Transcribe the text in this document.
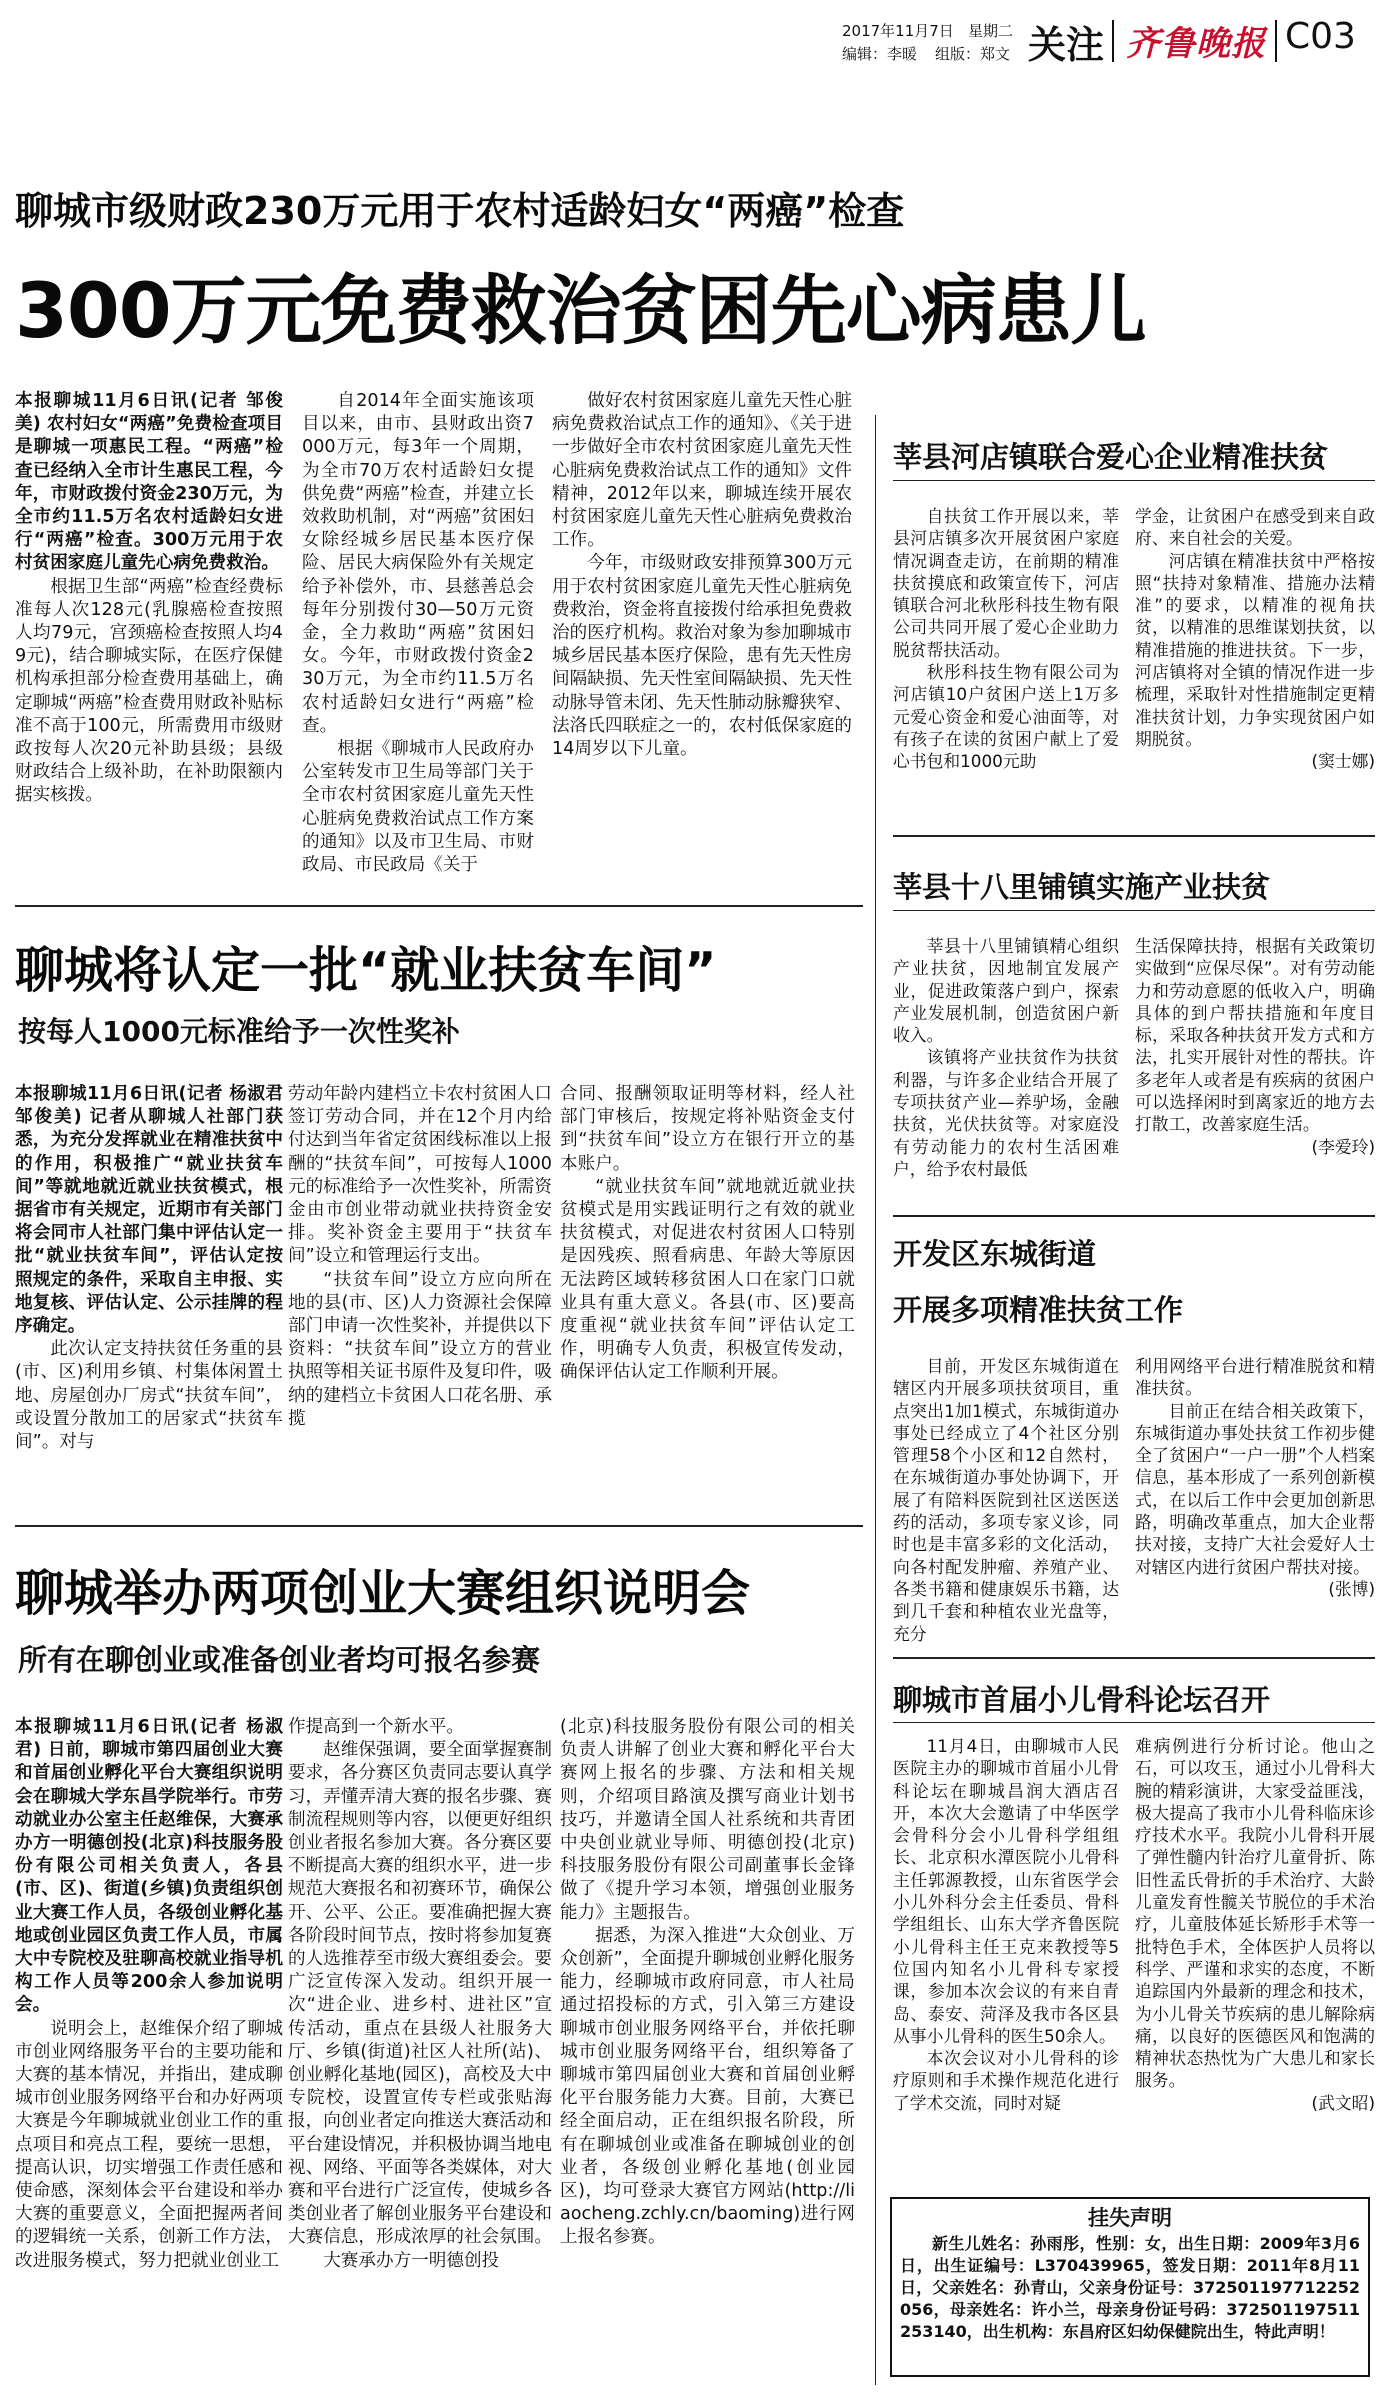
2017年11月7日 星期二
编辑：李暖 组版：郑文 关注 齐鲁晚报 C03
聊城市级财政230万元用于农村适龄妇女“两癌”检查
300万元免费救治贫困先心病患儿

本报聊城11月6日讯(记者 邹俊美) 农村妇女“两癌”免费检查项目是聊城一项惠民工程。“两癌”检查已经纳入全市计生惠民工程，今年，市财政拨付资金230万元，为全市约11.5万名农村适龄妇女进行“两癌”检查。300万元用于农村贫困家庭儿童先心病免费救治。

根据卫生部“两癌”检查经费标准每人次128元(乳腺癌检查按照人均79元，宫颈癌检查按照人均49元)，结合聊城实际，在医疗保健机构承担部分检查费用基础上，确定聊城“两癌”检查费用财政补贴标准不高于100元，所需费用市级财政按每人次20元补助县级；县级财政结合上级补助，在补助限额内据实核拨。

自2014年全面实施该项目以来，由市、县财政出资7000万元，每3年一个周期，为全市70万农村适龄妇女提供免费“两癌”检查，并建立长效救助机制，对“两癌”贫困妇女除经城乡居民基本医疗保险、居民大病保险外有关规定给予补偿外，市、县慈善总会每年分别拨付30—50万元资金，全力救助“两癌”贫困妇女。今年，市财政拨付资金230万元，为全市约11.5万名农村适龄妇女进行“两癌”检查。

根据《聊城市人民政府办公室转发市卫生局等部门关于全市农村贫困家庭儿童先天性心脏病免费救治试点工作方案的通知》以及市卫生局、市财政局、市民政局《关于

做好农村贫困家庭儿童先天性心脏病免费救治试点工作的通知》、《关于进一步做好全市农村贫困家庭儿童先天性心脏病免费救治试点工作的通知》文件精神，2012年以来，聊城连续开展农村贫困家庭儿童先天性心脏病免费救治工作。

今年，市级财政安排预算300万元用于农村贫困家庭儿童先天性心脏病免费救治，资金将直接拨付给承担免费救治的医疗机构。救治对象为参加聊城市城乡居民基本医疗保险，患有先天性房间隔缺损、先天性室间隔缺损、先天性动脉导管未闭、先天性肺动脉瓣狭窄、法洛氏四联症之一的，农村低保家庭的14周岁以下儿童。

聊城将认定一批“就业扶贫车间”
按每人1000元标准给予一次性奖补

本报聊城11月6日讯(记者 杨淑君 邹俊美) 记者从聊城人社部门获悉，为充分发挥就业在精准扶贫中的作用，积极推广“就业扶贫车间”等就地就近就业扶贫模式，根据省市有关规定，近期市有关部门将会同市人社部门集中评估认定一批“就业扶贫车间”，评估认定按照规定的条件，采取自主申报、实地复核、评估认定、公示挂牌的程序确定。

此次认定支持扶贫任务重的县(市、区)利用乡镇、村集体闲置土地、房屋创办厂房式“扶贫车间”，或设置分散加工的居家式“扶贫车间”。对与

劳动年龄内建档立卡农村贫困人口签订劳动合同，并在12个月内给付达到当年省定贫困线标准以上报酬的“扶贫车间”，可按每人1000元的标准给予一次性奖补，所需资金由市创业带动就业扶持资金安排。奖补资金主要用于“扶贫车间”设立和管理运行支出。

“扶贫车间”设立方应向所在地的县(市、区)人力资源社会保障部门申请一次性奖补，并提供以下资料：“扶贫车间”设立方的营业执照等相关证书原件及复印件，吸纳的建档立卡贫困人口花名册、承揽

合同、报酬领取证明等材料，经人社部门审核后，按规定将补贴资金支付到“扶贫车间”设立方在银行开立的基本账户。

“就业扶贫车间”就地就近就业扶贫模式是用实践证明行之有效的就业扶贫模式，对促进农村贫困人口特别是因残疾、照看病患、年龄大等原因无法跨区域转移贫困人口在家门口就业具有重大意义。各县(市、区)要高度重视“就业扶贫车间”评估认定工作，明确专人负责，积极宣传发动，确保评估认定工作顺利开展。

聊城举办两项创业大赛组织说明会
所有在聊创业或准备创业者均可报名参赛

本报聊城11月6日讯(记者 杨淑君) 日前，聊城市第四届创业大赛和首届创业孵化平台大赛组织说明会在聊城大学东昌学院举行。市劳动就业办公室主任赵维保，大赛承办方一明德创投(北京)科技服务股份有限公司相关负责人，各县(市、区)、街道(乡镇)负责组织创业大赛工作人员，各级创业孵化基地或创业园区负责工作人员，市属大中专院校及驻聊高校就业指导机构工作人员等200余人参加说明会。

说明会上，赵维保介绍了聊城市创业网络服务平台的主要功能和大赛的基本情况，并指出，建成聊城市创业服务网络平台和办好两项大赛是今年聊城就业创业工作的重点项目和亮点工程，要统一思想，提高认识，切实增强工作责任感和使命感，深刻体会平台建设和举办大赛的重要意义，全面把握两者间的逻辑统一关系，创新工作方法，改进服务模式，努力把就业创业工

作提高到一个新水平。

赵维保强调，要全面掌握赛制要求，各分赛区负责同志要认真学习，弄懂弄清大赛的报名步骤、赛制流程规则等内容，以便更好组织创业者报名参加大赛。各分赛区要不断提高大赛的组织水平，进一步规范大赛报名和初赛环节，确保公开、公平、公正。要准确把握大赛各阶段时间节点，按时将参加复赛的人选推荐至市级大赛组委会。要广泛宣传深入发动。组织开展一次“进企业、进乡村、进社区”宣传活动，重点在县级人社服务大厅、乡镇(街道)社区人社所(站)、创业孵化基地(园区)，高校及大中专院校，设置宣传专栏或张贴海报，向创业者定向推送大赛活动和平台建设情况，并积极协调当地电视、网络、平面等各类媒体，对大赛和平台进行广泛宣传，使城乡各类创业者了解创业服务平台建设和大赛信息，形成浓厚的社会氛围。

大赛承办方一明德创投

(北京)科技服务股份有限公司的相关负责人讲解了创业大赛和孵化平台大赛网上报名的步骤、方法和相关规则，介绍项目路演及撰写商业计划书技巧，并邀请全国人社系统和共青团中央创业就业导师、明德创投(北京)科技服务股份有限公司副董事长金锋做了《提升学习本领，增强创业服务能力》主题报告。

据悉，为深入推进“大众创业、万众创新”，全面提升聊城创业孵化服务能力，经聊城市政府同意，市人社局通过招投标的方式，引入第三方建设聊城市创业服务网络平台，并依托聊城市创业服务网络平台，组织筹备了聊城市第四届创业大赛和首届创业孵化平台服务能力大赛。目前，大赛已经全面启动，正在组织报名阶段，所有在聊城创业或准备在聊城创业的创业者，各级创业孵化基地(创业园区)，均可登录大赛官方网站(http://liaocheng.zchly.cn/baoming)进行网上报名参赛。

莘县河店镇联合爱心企业精准扶贫

自扶贫工作开展以来，莘县河店镇多次开展贫困户家庭情况调查走访，在前期的精准扶贫摸底和政策宣传下，河店镇联合河北秋彤科技生物有限公司共同开展了爱心企业助力脱贫帮扶活动。

秋彤科技生物有限公司为河店镇10户贫困户送上1万多元爱心资金和爱心油面等，对有孩子在读的贫困户献上了爱心书包和1000元助

学金，让贫困户在感受到来自政府、来自社会的关爱。

河店镇在精准扶贫中严格按照“扶持对象精准、措施办法精准”的要求，以精准的视角扶贫，以精准的思维谋划扶贫，以精准措施的推进扶贫。下一步，河店镇将对全镇的情况作进一步梳理，采取针对性措施制定更精准扶贫计划，力争实现贫困户如期脱贫。

(窦士娜)

莘县十八里铺镇实施产业扶贫

莘县十八里铺镇精心组织产业扶贫，因地制宜发展产业，促进政策落户到户，探索产业发展机制，创造贫困户新收入。

该镇将产业扶贫作为扶贫利器，与许多企业结合开展了专项扶贫产业—养驴场，金融扶贫，光伏扶贫等。对家庭没有劳动能力的农村生活困难户，给予农村最低

生活保障扶持，根据有关政策切实做到“应保尽保”。对有劳动能力和劳动意愿的低收入户，明确具体的到户帮扶措施和年度目标，采取各种扶贫开发方式和方法，扎实开展针对性的帮扶。许多老年人或者是有疾病的贫困户可以选择闲时到离家近的地方去打散工，改善家庭生活。

(李爱玲)

开发区东城街道
开展多项精准扶贫工作

目前，开发区东城街道在辖区内开展多项扶贫项目，重点突出1加1模式，东城街道办事处已经成立了4个社区分别管理58个小区和12自然村，在东城街道办事处协调下，开展了有陪料医院到社区送医送药的活动，多项专家义诊，同时也是丰富多彩的文化活动，向各村配发肿瘤、养殖产业、各类书籍和健康娱乐书籍，达到几千套和种植农业光盘等，充分

利用网络平台进行精准脱贫和精准扶贫。

目前正在结合相关政策下，东城街道办事处扶贫工作初步健全了贫困户“一户一册”个人档案信息，基本形成了一系列创新模式，在以后工作中会更加创新思路，明确改革重点，加大企业帮扶对接，支持广大社会爱好人士对辖区内进行贫困户帮扶对接。

(张博)

聊城市首届小儿骨科论坛召开

11月4日，由聊城市人民医院主办的聊城市首届小儿骨科论坛在聊城昌润大酒店召开，本次大会邀请了中华医学会骨科分会小儿骨科学组组长、北京积水潭医院小儿骨科主任郭源教授，山东省医学会小儿外科分会主任委员、骨科学组组长、山东大学齐鲁医院小儿骨科主任王克来教授等5位国内知名小儿骨科专家授课，参加本次会议的有来自青岛、泰安、菏泽及我市各区县从事小儿骨科的医生50余人。

本次会议对小儿骨科的诊疗原则和手术操作规范化进行了学术交流，同时对疑

难病例进行分析讨论。他山之石，可以攻玉，通过小儿骨科大腕的精彩演讲，大家受益匪浅，极大提高了我市小儿骨科临床诊疗技术水平。我院小儿骨科开展了弹性髓内针治疗儿童骨折、陈旧性孟氏骨折的手术治疗、大龄儿童发育性髋关节脱位的手术治疗，儿童肢体延长矫形手术等一批特色手术，全体医护人员将以科学、严谨和求实的态度，不断追踪国内外最新的理念和技术，为小儿骨关节疾病的患儿解除病痛，以良好的医德医风和饱满的精神状态热忱为广大患儿和家长服务。

(武文昭)

挂失声明
新生儿姓名：孙雨彤，性别：女，出生日期：2009年3月6日，出生证编号：L370439965，签发日期：2011年8月11日，父亲姓名：孙青山，父亲身份证号：372501197712252056，母亲姓名：许小兰，母亲身份证号码：372501197511253140，出生机构：东昌府区妇幼保健院出生，特此声明！
